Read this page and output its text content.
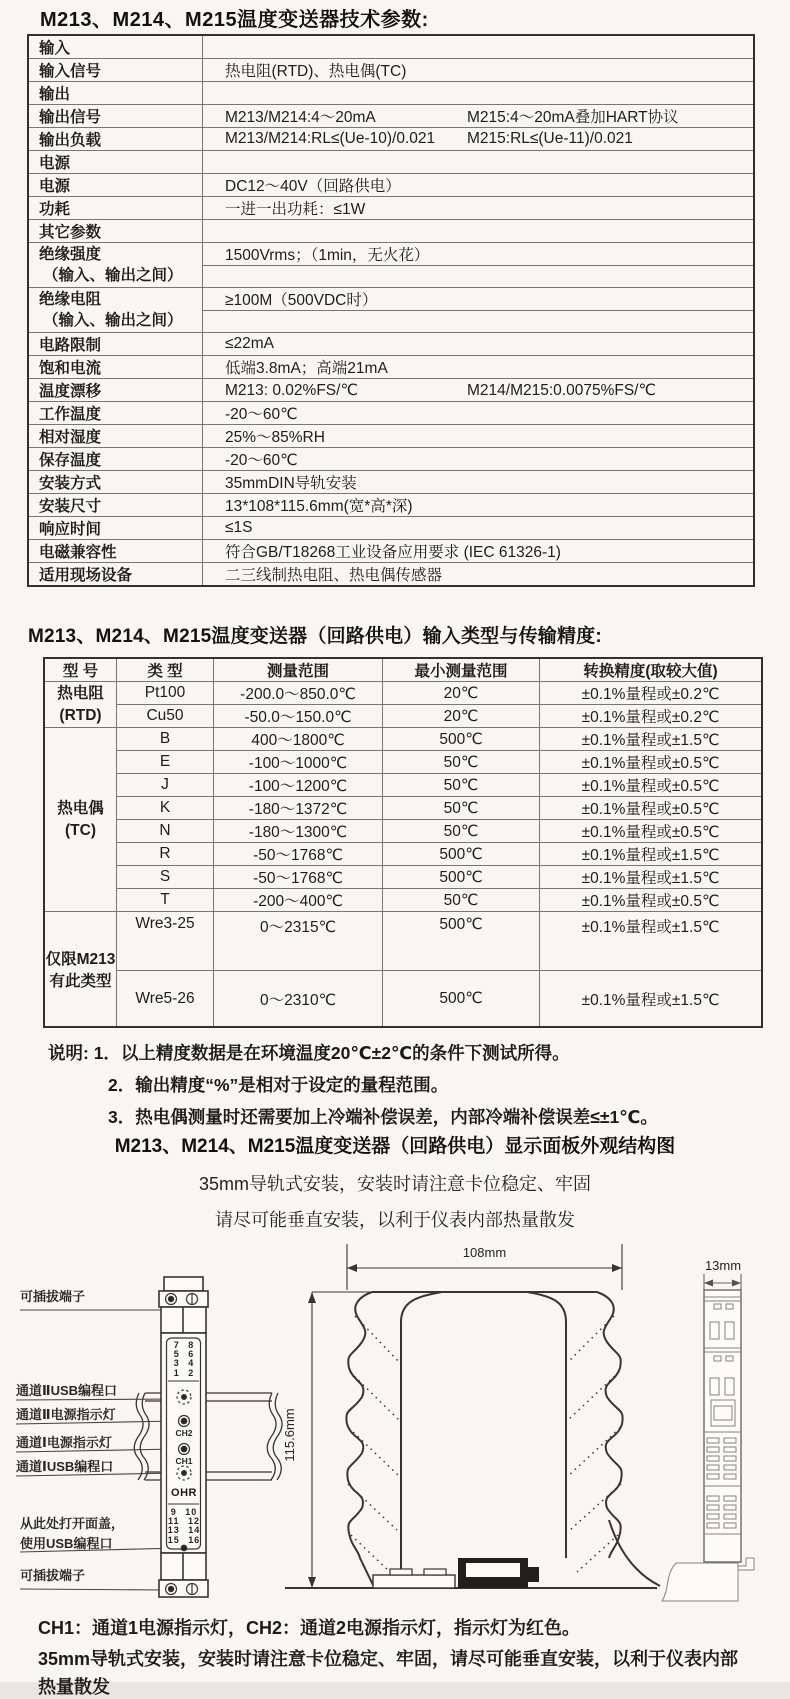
M213、M214、M215温度变送器技术参数:
输入	
输入信号	热电阻(RTD)、热电偶(TC)
输出	
输出信号	M213/M214:4～20mA M215:4～20mA叠加HART协议
输出负载	M213/M214:RL≤(Ue-10)/0.021 M215:RL≤(Ue-11)/0.021
电源	
电源	DC12～40V（回路供电）
功耗	一进一出功耗：≤1W
其它参数	

绝缘强度
（输入、输出之间）	1500Vrms；（1min，无火花）

绝缘电阻
（输入、输出之间）	≥100M（500VDC时）

电路限制	≤22mA
饱和电流	低端3.8mA；高端21mA
温度漂移	M213: 0.02%FS/℃ M214/M215:0.0075%FS/℃
工作温度	-20～60℃
相对湿度	25%～85%RH
保存温度	-20～60℃
安装方式	35mmDIN导轨安装
安装尺寸	13*108*115.6mm(宽*高*深)
响应时间	≤1S
电磁兼容性	符合GB/T18268工业设备应用要求 (IEC 61326-1)
适用现场设备	二三线制热电阻、热电偶传感器
M213、M214、M215温度变送器（回路供电）输入类型与传输精度:
型 号	类 型	测量范围	最小测量范围	转换精度(取较大值)

热电阻
(RTD)	Pt100	-200.0～850.0℃	20℃	±0.1%量程或±0.2℃
	Cu50	-50.0～150.0℃	20℃	±0.1%量程或±0.2℃

热电偶
(TC)	B	400～1800℃	500℃	±0.1%量程或±1.5℃
	E	-100～1000℃	50℃	±0.1%量程或±0.5℃
	J	-100～1200℃	50℃	±0.1%量程或±0.5℃
	K	-180～1372℃	50℃	±0.1%量程或±0.5℃
	N	-180～1300℃	50℃	±0.1%量程或±0.5℃
	R	-50～1768℃	500℃	±0.1%量程或±1.5℃
	S	-50～1768℃	500℃	±0.1%量程或±1.5℃
	T	-200～400℃	50℃	±0.1%量程或±0.5℃

仅限M213
有此类型	Wre3-25	0～2315℃	500℃	±0.1%量程或±1.5℃
	Wre5-26	0～2310℃	500℃	±0.1%量程或±1.5℃
说明: 1．以上精度数据是在环境温度20℃±2℃的条件下测试所得。
2．输出精度“%”是相对于设定的量程范围。
3．热电偶测量时还需要加上冷端补偿误差，内部冷端补偿误差≤±1℃。
M213、M214、M215温度变送器（回路供电）显示面板外观结构图
35mm导轨式安装，安装时请注意卡位稳定、牢固
请尽可能垂直安装，以利于仪表内部热量散发
108mm
115.6mm
13mm
7 8
5 6
3 4
1 2
9 10
11 12
13 14
15 16
CH2
CH1
OHR
可插拔端子
通道ⅡUSB编程口
通道Ⅱ电源指示灯
通道Ⅰ电源指示灯
通道ⅠUSB编程口
从此处打开面盖，
使用USB编程口
可插拔端子
CH1：通道1电源指示灯，CH2：通道2电源指示灯，指示灯为红色。
35mm导轨式安装，安装时请注意卡位稳定、牢固，请尽可能垂直安装，以利于仪表内部
热量散发
